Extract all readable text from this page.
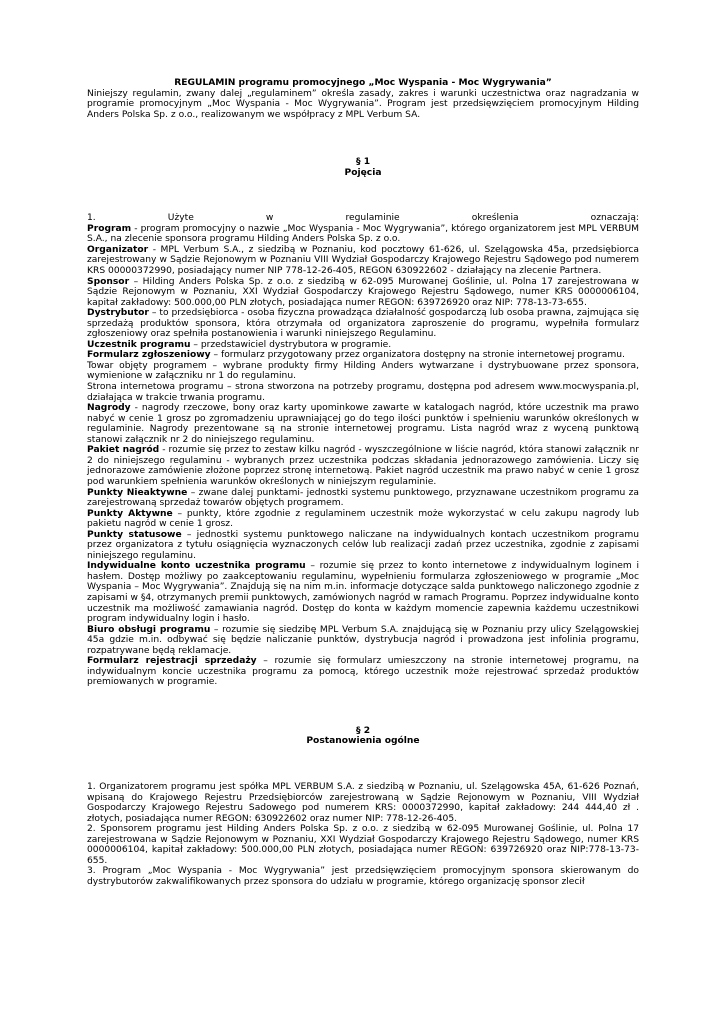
REGULAMIN programu promocyjnego „Moc Wyspania - Moc Wygrywania”

Niniejszy regulamin, zwany dalej „regulaminem” określa zasady, zakres i warunki uczestnictwa oraz nagradzania w programie promocyjnym „Moc Wyspania - Moc Wygrywania”. Program jest przedsięwzięciem promocyjnym Hilding Anders Polska Sp. z o.o., realizowanym we współpracy z MPL Verbum SA.

§ 1

Pojęcia

1. Użyte w regulaminie określenia oznaczają:

Program - program promocyjny o nazwie „Moc Wyspania - Moc Wygrywania”, którego organizatorem jest MPL VERBUM S.A., na zlecenie sponsora programu Hilding Anders Polska Sp. z o.o.

Organizator - MPL Verbum S.A., z siedzibą w Poznaniu, kod pocztowy 61-626, ul. Szelągowska 45a, przedsiębiorca zarejestrowany w Sądzie Rejonowym w Poznaniu VIII Wydział Gospodarczy Krajowego Rejestru Sądowego pod numerem KRS 00000372990, posiadający numer NIP 778-12-26-405, REGON 630922602 - działający na zlecenie Partnera.

Sponsor – Hilding Anders Polska Sp. z o.o. z siedzibą w 62-095 Murowanej Goślinie, ul. Polna 17 zarejestrowana w Sądzie Rejonowym w Poznaniu, XXI Wydział Gospodarczy Krajowego Rejestru Sądowego, numer KRS 0000006104, kapitał zakładowy: 500.000,00 PLN złotych, posiadająca numer REGON: 639726920 oraz NIP: 778-13-73-655.

Dystrybutor – to przedsiębiorca - osoba fizyczna prowadząca działalność gospodarczą lub osoba prawna, zajmująca się sprzedażą produktów sponsora, która otrzymała od organizatora zaproszenie do programu, wypełniła formularz zgłoszeniowy oraz spełniła postanowienia i warunki niniejszego Regulaminu.

Uczestnik programu – przedstawiciel dystrybutora w programie.

Formularz zgłoszeniowy – formularz przygotowany przez organizatora dostępny na stronie internetowej programu.

Towar objęty programem – wybrane produkty firmy Hilding Anders wytwarzane i dystrybuowane przez sponsora, wymienione w załączniku nr 1 do regulaminu.

Strona internetowa programu – strona stworzona na potrzeby programu, dostępna pod adresem www.mocwyspania.pl, działająca w trakcie trwania programu.

Nagrody - nagrody rzeczowe, bony oraz karty upominkowe zawarte w katalogach nagród, które uczestnik ma prawo nabyć w cenie 1 grosz po zgromadzeniu uprawniającej go do tego ilości punktów i spełnieniu warunków określonych w regulaminie. Nagrody prezentowane są na stronie internetowej programu. Lista nagród wraz z wyceną punktową stanowi załącznik nr 2 do niniejszego regulaminu.

Pakiet nagród - rozumie się przez to zestaw kilku nagród - wyszczególnione w liście nagród, która stanowi załącznik nr 2 do niniejszego regulaminu - wybranych przez uczestnika podczas składania jednorazowego zamówienia. Liczy się jednorazowe zamówienie złożone poprzez stronę internetową. Pakiet nagród uczestnik ma prawo nabyć w cenie 1 grosz pod warunkiem spełnienia warunków określonych w niniejszym regulaminie.

Punkty Nieaktywne – zwane dalej punktami- jednostki systemu punktowego, przyznawane uczestnikom programu za zarejestrowaną sprzedaż towarów objętych programem.

Punkty Aktywne – punkty, które zgodnie z regulaminem uczestnik może wykorzystać w celu zakupu nagrody lub pakietu nagród w cenie 1 grosz.

Punkty statusowe – jednostki systemu punktowego naliczane na indywidualnych kontach uczestnikom programu przez organizatora z tytułu osiągnięcia wyznaczonych celów lub realizacji zadań przez uczestnika, zgodnie z zapisami niniejszego regulaminu.

Indywidualne konto uczestnika programu – rozumie się przez to konto internetowe z indywidualnym loginem i hasłem. Dostęp możliwy po zaakceptowaniu regulaminu, wypełnieniu formularza zgłoszeniowego w programie „Moc Wyspania – Moc Wygrywania”. Znajdują się na nim m.in. informacje dotyczące salda punktowego naliczonego zgodnie z zapisami w §4, otrzymanych premii punktowych, zamówionych nagród w ramach Programu. Poprzez indywidualne konto uczestnik ma możliwość zamawiania nagród. Dostęp do konta w każdym momencie zapewnia każdemu uczestnikowi program indywidualny login i hasło.

Biuro obsługi programu – rozumie się siedzibę MPL Verbum S.A. znajdującą się w Poznaniu przy ulicy Szelągowskiej 45a gdzie m.in. odbywać się będzie naliczanie punktów, dystrybucja nagród i prowadzona jest infolinia programu, rozpatrywane będą reklamacje.

Formularz rejestracji sprzedaży – rozumie się formularz umieszczony na stronie internetowej programu, na indywidualnym koncie uczestnika programu za pomocą, którego uczestnik może rejestrować sprzedaż produktów premiowanych w programie.

§ 2

Postanowienia ogólne

1. Organizatorem programu jest spółka MPL VERBUM S.A. z siedzibą w Poznaniu, ul. Szelągowska 45A, 61-626 Poznań, wpisaną do Krajowego Rejestru Przedsiębiorców zarejestrowaną w Sądzie Rejonowym w Poznaniu, VIII Wydział Gospodarczy Krajowego Rejestru Sadowego pod numerem KRS: 0000372990, kapitał zakładowy: 244 444,40 zł . złotych, posiadająca numer REGON: 630922602 oraz numer NIP: 778-12-26-405.

2. Sponsorem programu jest Hilding Anders Polska Sp. z o.o. z siedzibą w 62-095 Murowanej Goślinie, ul. Polna 17 zarejestrowana w Sądzie Rejonowym w Poznaniu, XXI Wydział Gospodarczy Krajowego Rejestru Sądowego, numer KRS 0000006104, kapitał zakładowy: 500.000,00 PLN złotych, posiadająca numer REGON: 639726920 oraz NIP:778-13-73-655.

3. Program „Moc Wyspania - Moc Wygrywania” jest przedsięwzięciem promocyjnym sponsora skierowanym do dystrybutorów zakwalifikowanych przez sponsora do udziału w programie, którego organizację sponsor zlecił
